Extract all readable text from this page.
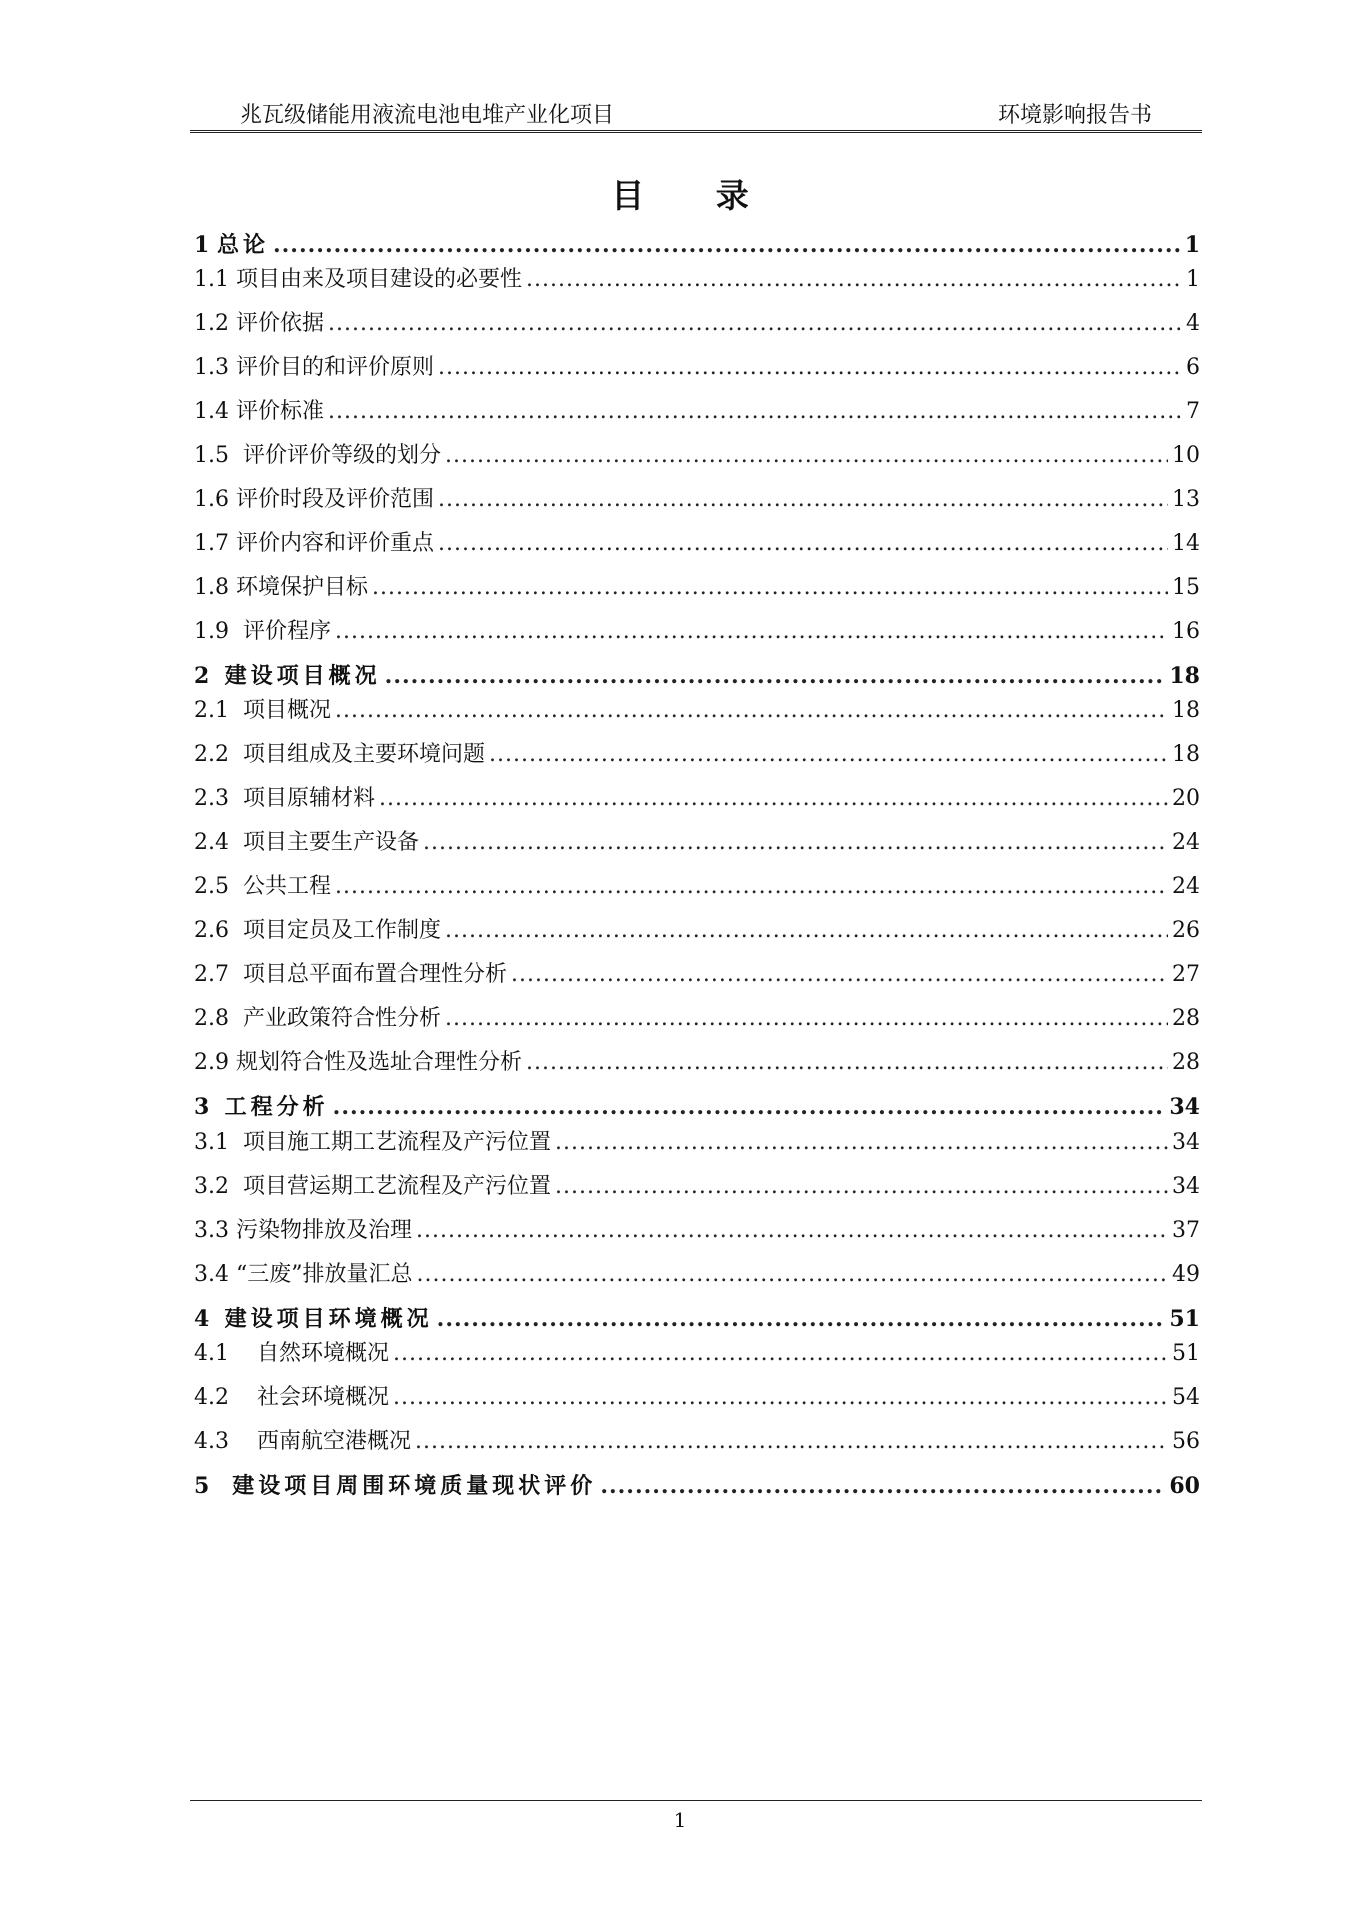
兆瓦级储能用液流电池电堆产业化项目	环境影响报告书
目 录
1 总论 .....	1
1.1 项目由来及项目建设的必要性 .....	1
1.2 评价依据 .....	4
1.3 评价目的和评价原则 .....	6
1.4 评价标准 .....	7
1.5 评价评价等级的划分 .....	10
1.6 评价时段及评价范围 .....	13
1.7 评价内容和评价重点 .....	14
1.8 环境保护目标 .....	15
1.9 评价程序 .....	16
2 建设项目概况 .....	18
2.1 项目概况 .....	18
2.2 项目组成及主要环境问题 .....	18
2.3 项目原辅材料 .....	20
2.4 项目主要生产设备 .....	24
2.5 公共工程 .....	24
2.6 项目定员及工作制度 .....	26
2.7 项目总平面布置合理性分析 .....	27
2.8 产业政策符合性分析 .....	28
2.9 规划符合性及选址合理性分析 .....	28
3 工程分析 .....	34
3.1 项目施工期工艺流程及产污位置 .....	34
3.2 项目营运期工艺流程及产污位置 .....	34
3.3 污染物排放及治理 .....	37
3.4 “三废”排放量汇总 .....	49
4 建设项目环境概况 .....	51
4.1 自然环境概况 .....	51
4.2 社会环境概况 .....	54
4.3 西南航空港概况 .....	56
5 建设项目周围环境质量现状评价 .....	60
1
